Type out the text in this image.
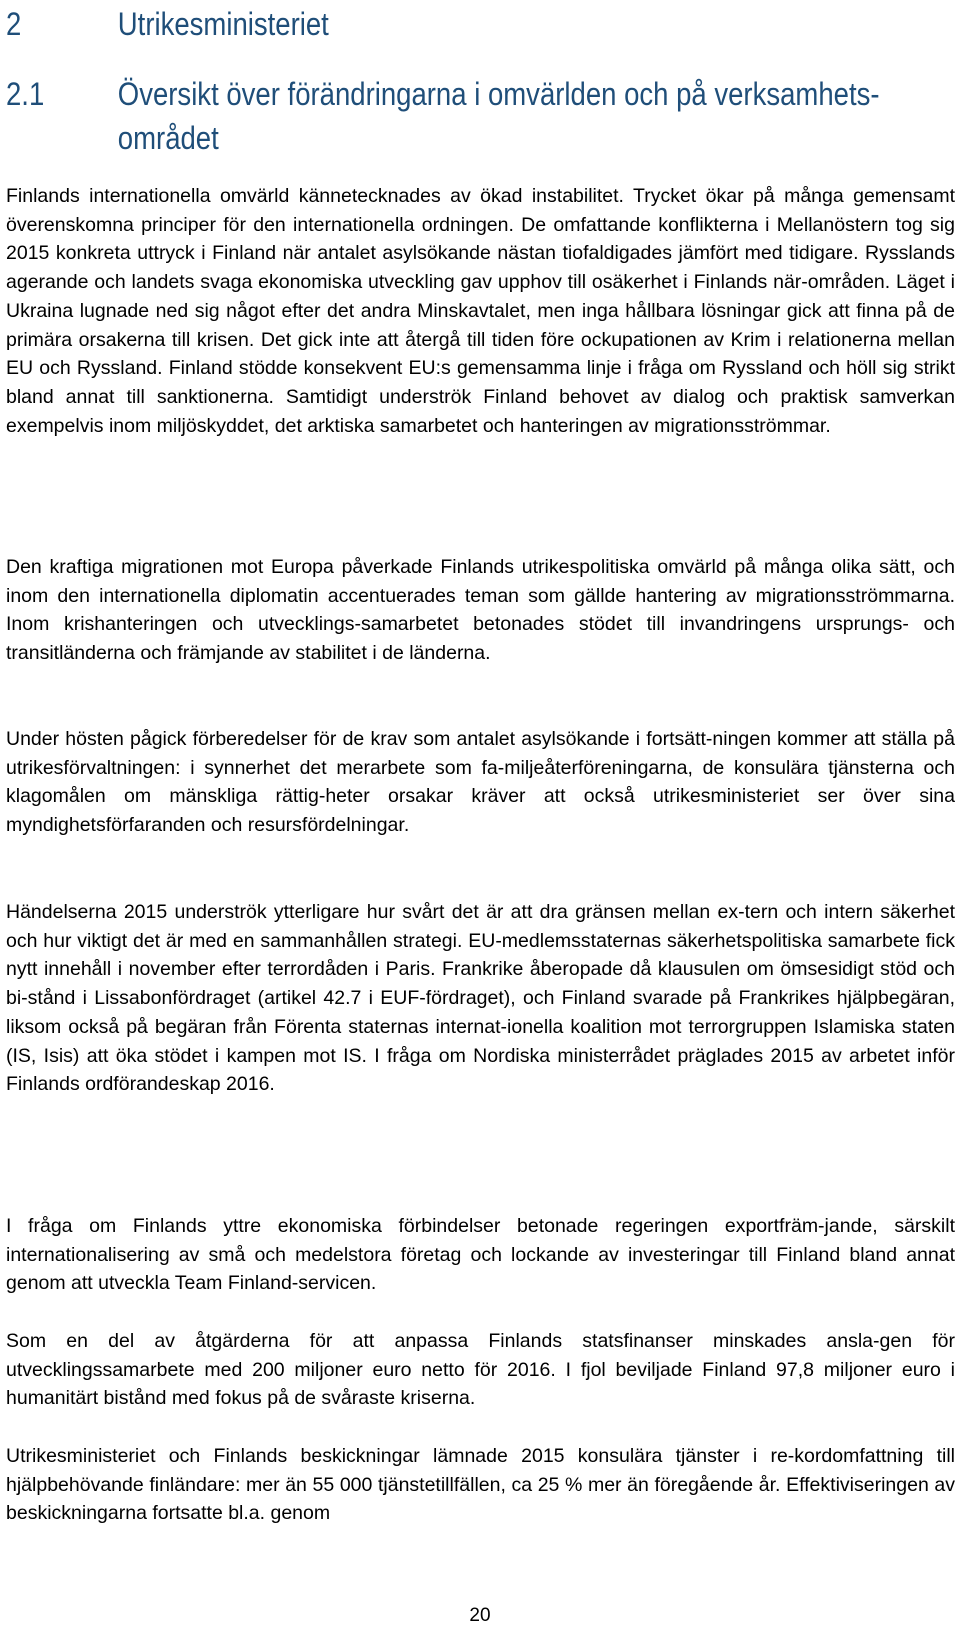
2	Utrikesministeriet
2.1 Översikt över förändringarna i omvärlden och på verksamhets-
området

Finlands internationella omvärld kännetecknades av ökad instabilitet. Trycket ökar på många gemensamt överenskomna principer för den internationella ordningen. De omfattande konflikterna i Mellanöstern tog sig 2015 konkreta uttryck i Finland när antalet asylsökande nästan tiofaldigades jämfört med tidigare. Rysslands agerande och landets svaga ekonomiska utveckling gav upphov till osäkerhet i Finlands när-områden. Läget i Ukraina lugnade ned sig något efter det andra Minskavtalet, men inga hållbara lösningar gick att finna på de primära orsakerna till krisen. Det gick inte att återgå till tiden före ockupationen av Krim i relationerna mellan EU och Ryssland. Finland stödde konsekvent EU:s gemensamma linje i fråga om Ryssland och höll sig strikt bland annat till sanktionerna. Samtidigt underströk Finland behovet av dialog och praktisk samverkan exempelvis inom miljöskyddet, det arktiska samarbetet och hanteringen av migrationsströmmar.

Den kraftiga migrationen mot Europa påverkade Finlands utrikespolitiska omvärld på många olika sätt, och inom den internationella diplomatin accentuerades teman som gällde hantering av migrationsströmmarna. Inom krishanteringen och utvecklings-samarbetet betonades stödet till invandringens ursprungs- och transitländerna och främjande av stabilitet i de länderna.

Under hösten pågick förberedelser för de krav som antalet asylsökande i fortsätt-ningen kommer att ställa på utrikesförvaltningen: i synnerhet det merarbete som fa-miljeåterföreningarna, de konsulära tjänsterna och klagomålen om mänskliga rättig-heter orsakar kräver att också utrikesministeriet ser över sina myndighetsförfaranden och resursfördelningar.

Händelserna 2015 underströk ytterligare hur svårt det är att dra gränsen mellan ex-tern och intern säkerhet och hur viktigt det är med en sammanhållen strategi. EU-medlemsstaternas säkerhetspolitiska samarbete fick nytt innehåll i november efter terrordåden i Paris. Frankrike åberopade då klausulen om ömsesidigt stöd och bi-stånd i Lissabonfördraget (artikel 42.7 i EUF-fördraget), och Finland svarade på Frankrikes hjälpbegäran, liksom också på begäran från Förenta staternas internat-ionella koalition mot terrorgruppen Islamiska staten (IS, Isis) att öka stödet i kampen mot IS. I fråga om Nordiska ministerrådet präglades 2015 av arbetet inför Finlands ordförandeskap 2016.

I fråga om Finlands yttre ekonomiska förbindelser betonade regeringen exportfräm-jande, särskilt internationalisering av små och medelstora företag och lockande av investeringar till Finland bland annat genom att utveckla Team Finland-servicen.

Som en del av åtgärderna för att anpassa Finlands statsfinanser minskades ansla-gen för utvecklingssamarbete med 200 miljoner euro netto för 2016. I fjol beviljade Finland 97,8 miljoner euro i humanitärt bistånd med fokus på de svåraste kriserna.

Utrikesministeriet och Finlands beskickningar lämnade 2015 konsulära tjänster i re-kordomfattning till hjälpbehövande finländare: mer än 55 000 tjänstetillfällen, ca 25 % mer än föregående år. Effektiviseringen av beskickningarna fortsatte bl.a. genom

20
